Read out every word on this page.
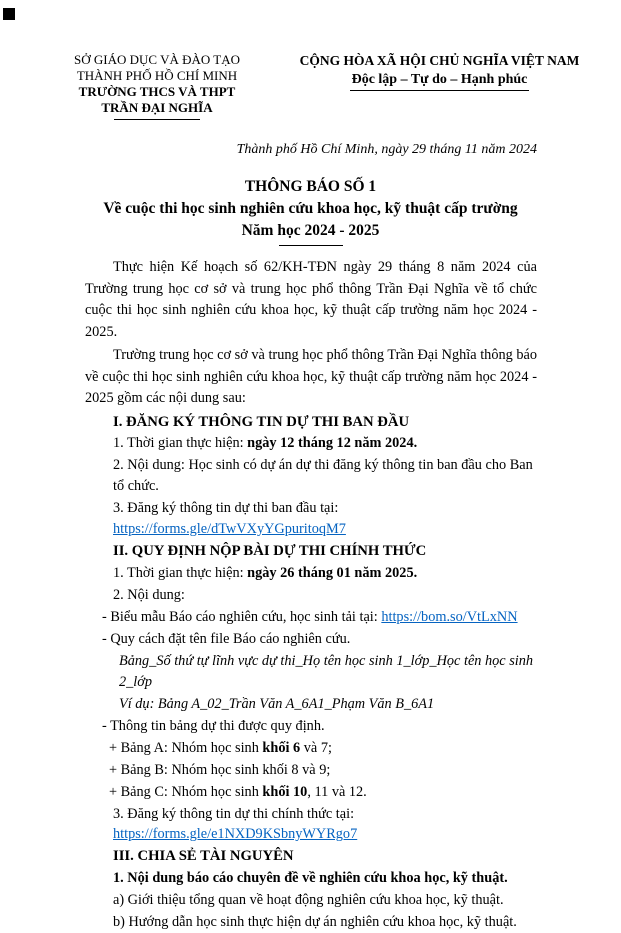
SỞ GIÁO DỤC VÀ ĐÀO TẠO
THÀNH PHỐ HỒ CHÍ MINH
TRƯỜNG THCS VÀ THPT
TRẦN ĐẠI NGHĨA
CỘNG HÒA XÃ HỘI CHỦ NGHĨA VIỆT NAM
Độc lập – Tự do – Hạnh phúc
Thành phố Hồ Chí Minh, ngày 29 tháng 11 năm 2024
THÔNG BÁO SỐ 1
Về cuộc thi học sinh nghiên cứu khoa học, kỹ thuật cấp trường
Năm học 2024 - 2025

Thực hiện Kế hoạch số 62/KH-TĐN ngày 29 tháng 8 năm 2024 của Trường trung học cơ sở và trung học phổ thông Trần Đại Nghĩa về tổ chức cuộc thi học sinh nghiên cứu khoa học, kỹ thuật cấp trường năm học 2024 - 2025.

Trường trung học cơ sở và trung học phổ thông Trần Đại Nghĩa thông báo về cuộc thi học sinh nghiên cứu khoa học, kỹ thuật cấp trường năm học 2024 - 2025 gồm các nội dung sau:

I. ĐĂNG KÝ THÔNG TIN DỰ THI BAN ĐẦU
1. Thời gian thực hiện: ngày 12 tháng 12 năm 2024.
2. Nội dung: Học sinh có dự án dự thi đăng ký thông tin ban đầu cho Ban tổ chức.
3. Đăng ký thông tin dự thi ban đầu tại: https://forms.gle/dTwVXyYGpuritoqM7
II. QUY ĐỊNH NỘP BÀI DỰ THI CHÍNH THỨC
1. Thời gian thực hiện: ngày 26 tháng 01 năm 2025.
2. Nội dung:
- Biểu mẫu Báo cáo nghiên cứu, học sinh tải tại: https://bom.so/VtLxNN
- Quy cách đặt tên file Báo cáo nghiên cứu.
Bảng_Số thứ tự lĩnh vực dự thi_Họ tên học sinh 1_lớp_Học tên học sinh 2_lớp
Ví dụ: Bảng A_02_Trần Văn A_6A1_Phạm Văn B_6A1
- Thông tin bảng dự thi được quy định.
+ Bảng A: Nhóm học sinh khối 6 và 7;
+ Bảng B: Nhóm học sinh khối 8 và 9;
+ Bảng C: Nhóm học sinh khối 10, 11 và 12.
3. Đăng ký thông tin dự thi chính thức tại: https://forms.gle/e1NXD9KSbnyWYRgo7
III. CHIA SẺ TÀI NGUYÊN
1. Nội dung báo cáo chuyên đề về nghiên cứu khoa học, kỹ thuật.
a) Giới thiệu tổng quan về hoạt động nghiên cứu khoa học, kỹ thuật.
b) Hướng dẫn học sinh thực hiện dự án nghiên cứu khoa học, kỹ thuật.
